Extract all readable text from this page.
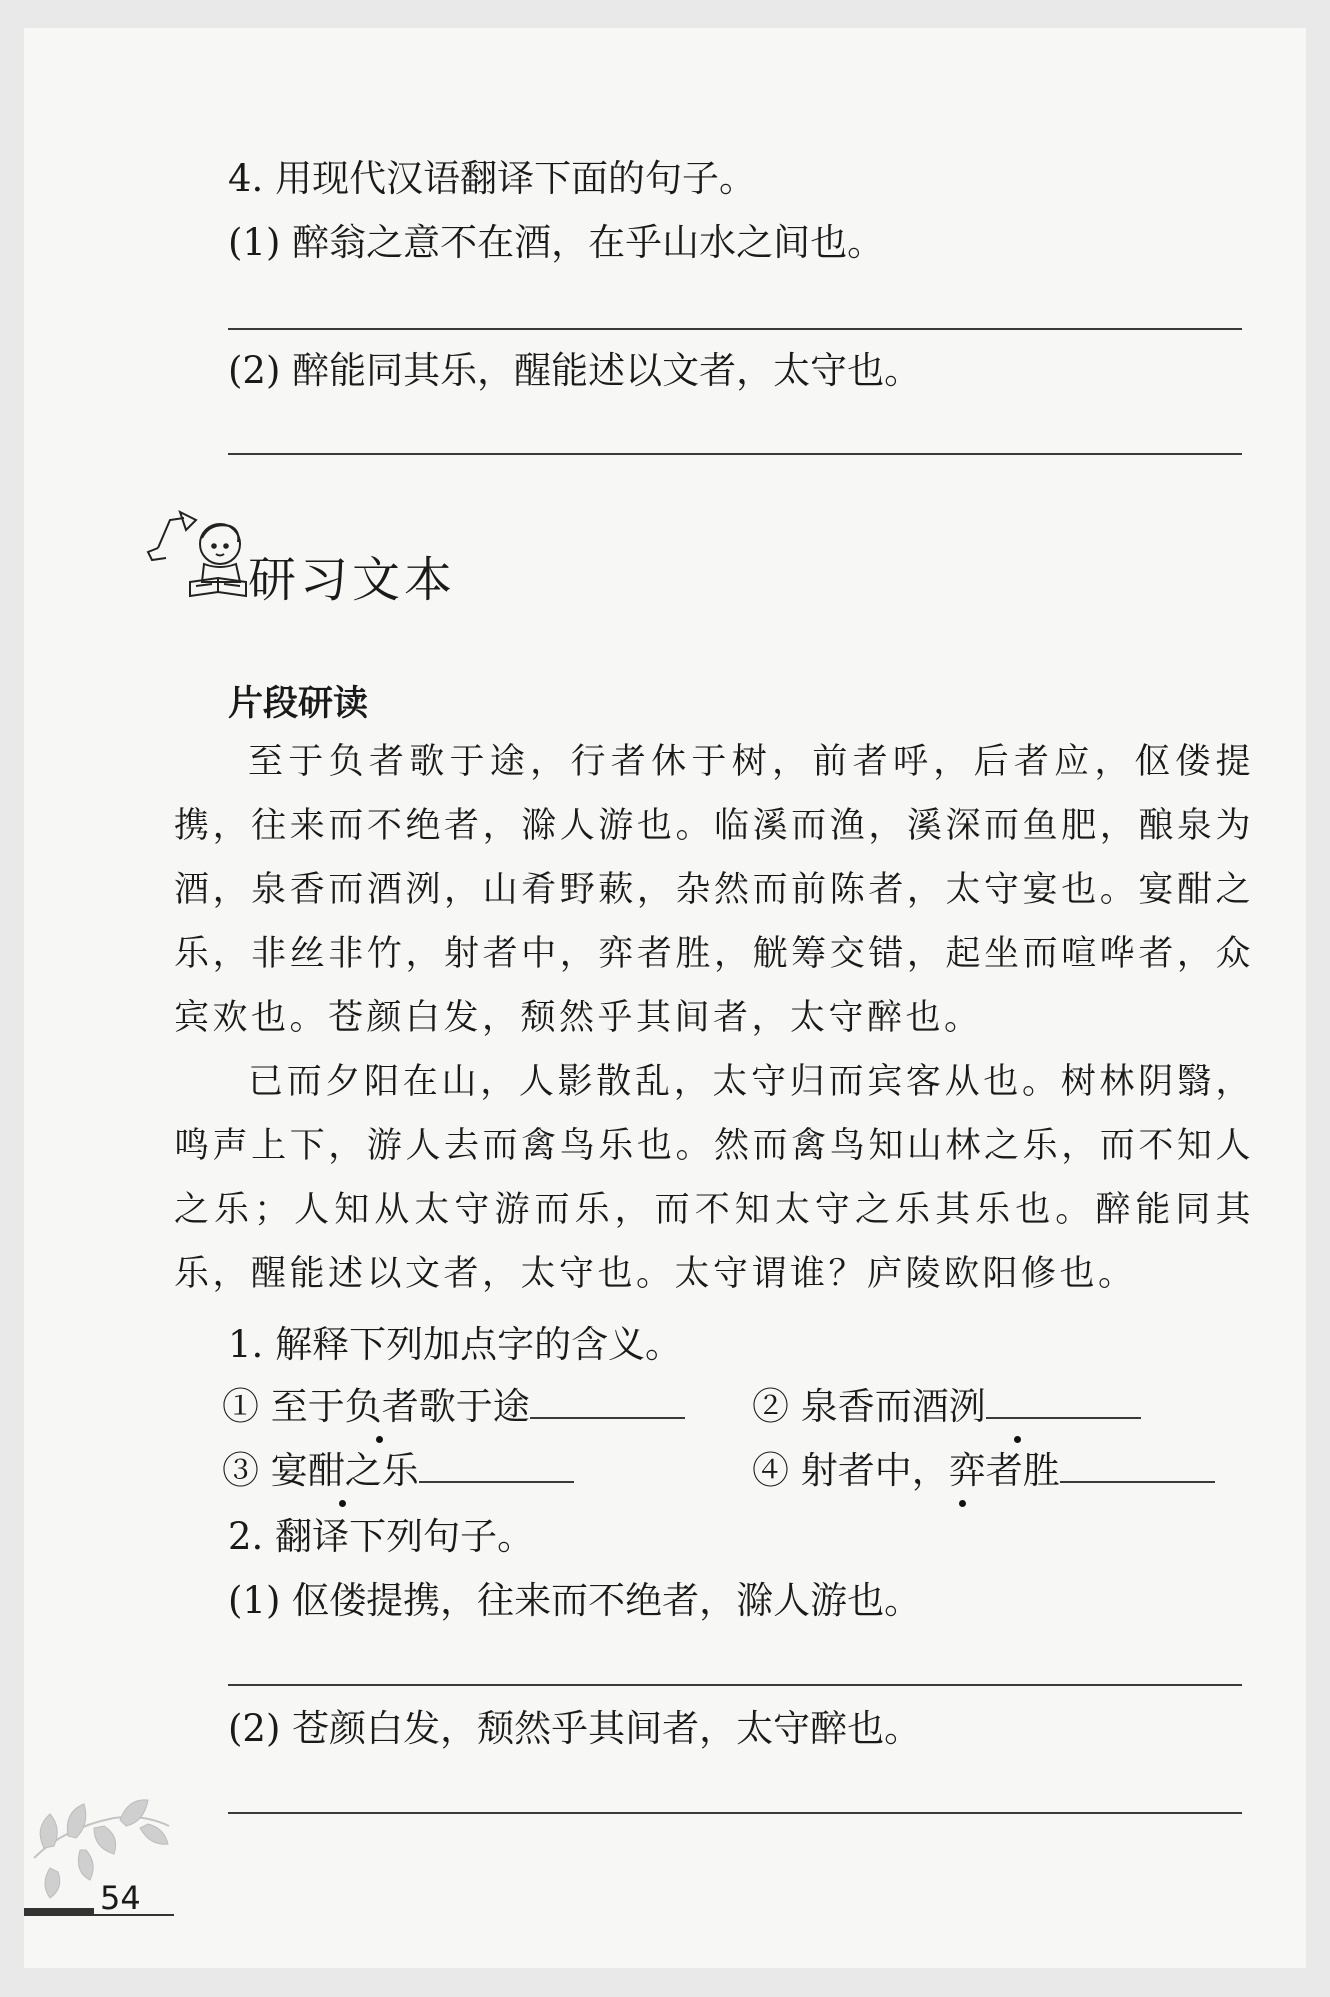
4. 用现代汉语翻译下面的句子。
(1) 醉翁之意不在酒，在乎山水之间也。
(2) 醉能同其乐，醒能述以文者，太守也。
研习文本
片段研读

至于负者歌于途，行者休于树，前者呼，后者应，伛偻提携，往来而不绝者，滁人游也。临溪而渔，溪深而鱼肥，酿泉为酒，泉香而酒洌，山肴野蔌，杂然而前陈者，太守宴也。宴酣之乐，非丝非竹，射者中，弈者胜，觥筹交错，起坐而喧哗者，众宾欢也。苍颜白发，颓然乎其间者，太守醉也。

已而夕阳在山，人影散乱，太守归而宾客从也。树林阴翳，鸣声上下，游人去而禽鸟乐也。然而禽鸟知山林之乐，而不知人之乐；人知从太守游而乐，而不知太守之乐其乐也。醉能同其乐，醒能述以文者，太守也。太守谓谁？庐陵欧阳修也。

1. 解释下列加点字的含义。
① 至于负者歌于途	② 泉香而酒洌
③ 宴酣之乐	④ 射者中，弈者胜
2. 翻译下列句子。
(1) 伛偻提携，往来而不绝者，滁人游也。
(2) 苍颜白发，颓然乎其间者，太守醉也。
54
